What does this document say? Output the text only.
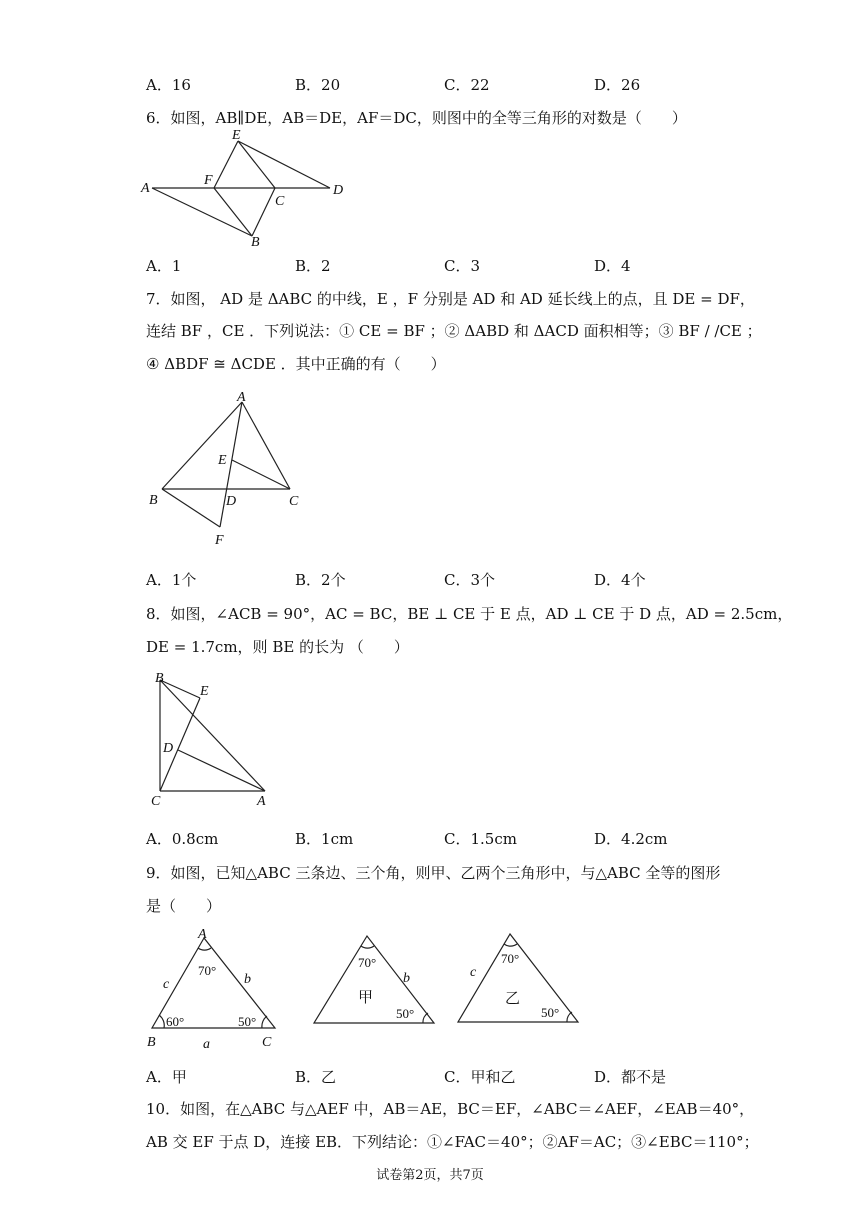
A．16	B．20	C．22	D．26
6．如图，AB∥DE，AB＝DE，AF＝DC，则图中的全等三角形的对数是（　　）
A
E
F
C
D
B
A．1	B．2	C．3	D．4
7．如图， AD 是 ΔABC 的中线，E ，F 分别是 AD 和 AD 延长线上的点，且 DE = DF，
连结 BF ，CE ．下列说法：① CE = BF ；② ΔABD 和 ΔACD 面积相等；③ BF / /CE ；
④ ΔBDF ≅ ΔCDE ．其中正确的有（　　）
A
E
B	D	C
F
A．1个	B．2个	C．3个	D．4个
8．如图，∠ACB = 90°，AC = BC，BE ⊥ CE 于 E 点，AD ⊥ CE 于 D 点，AD = 2.5cm，
DE = 1.7cm，则 BE 的长为 （　　）
B
E
D
C	A
A．0.8cm	B．1cm	C．1.5cm	D．4.2cm
9．如图，已知△ABC 三条边、三个角，则甲、乙两个三角形中，与△ABC 全等的图形
是（　　）
A
B	C
a
b
c
70°
60°	50°
70°
b
50°
甲
70°
c
50°
乙
A．甲	B．乙	C．甲和乙	D．都不是
10．如图，在△ABC 与△AEF 中，AB＝AE，BC＝EF，∠ABC＝∠AEF，∠EAB＝40°，
AB 交 EF 于点 D，连接 EB．下列结论：①∠FAC＝40°；②AF＝AC；③∠EBC＝110°；
试卷第2页，共7页
